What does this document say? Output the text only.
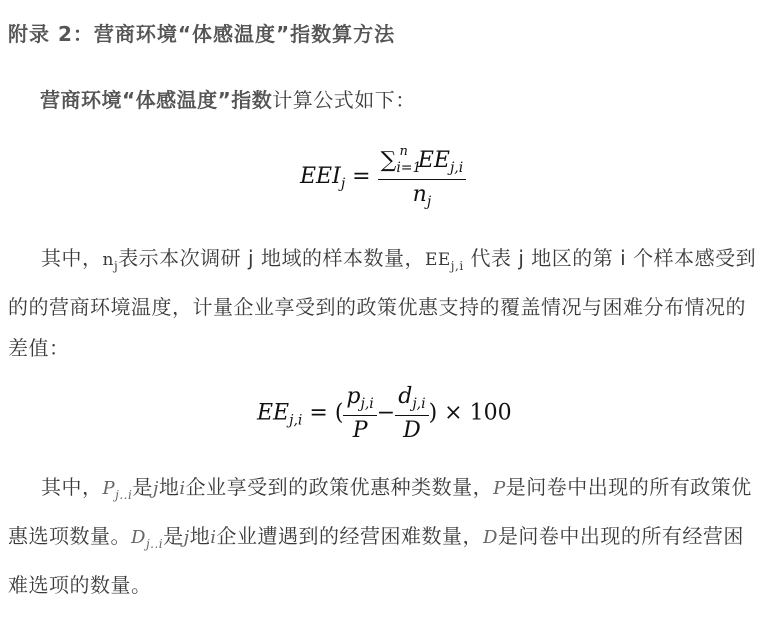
附录 2：营商环境“体感温度”指数算方法
营商环境“体感温度”指数计算公式如下：
$EEI_j = \frac{\sum_{i=1}^n EE_{j,i}}{n_j}$
其中，$n_j$表示本次调研 j 地域的样本数量，$EE_{j,i}$ 代表 j 地区的第 i 个样本感受到的的营商环境温度，计量企业享受到的政策优惠支持的覆盖情况与困难分布情况的差值：
$EE_{j,i}$ = ( $\frac{p_{j,i}}{P} - \frac{d_{j,i}}{D}$ ) × 100
其中，$P_{j..i}$是j地i企业享受到的政策优惠种类数量，P是问卷中出现的所有政策优惠选项数量。$D_{j..i}$是j地i企业遭遇到的经营困难数量，D是问卷中出现的所有经营困难选项的数量。
